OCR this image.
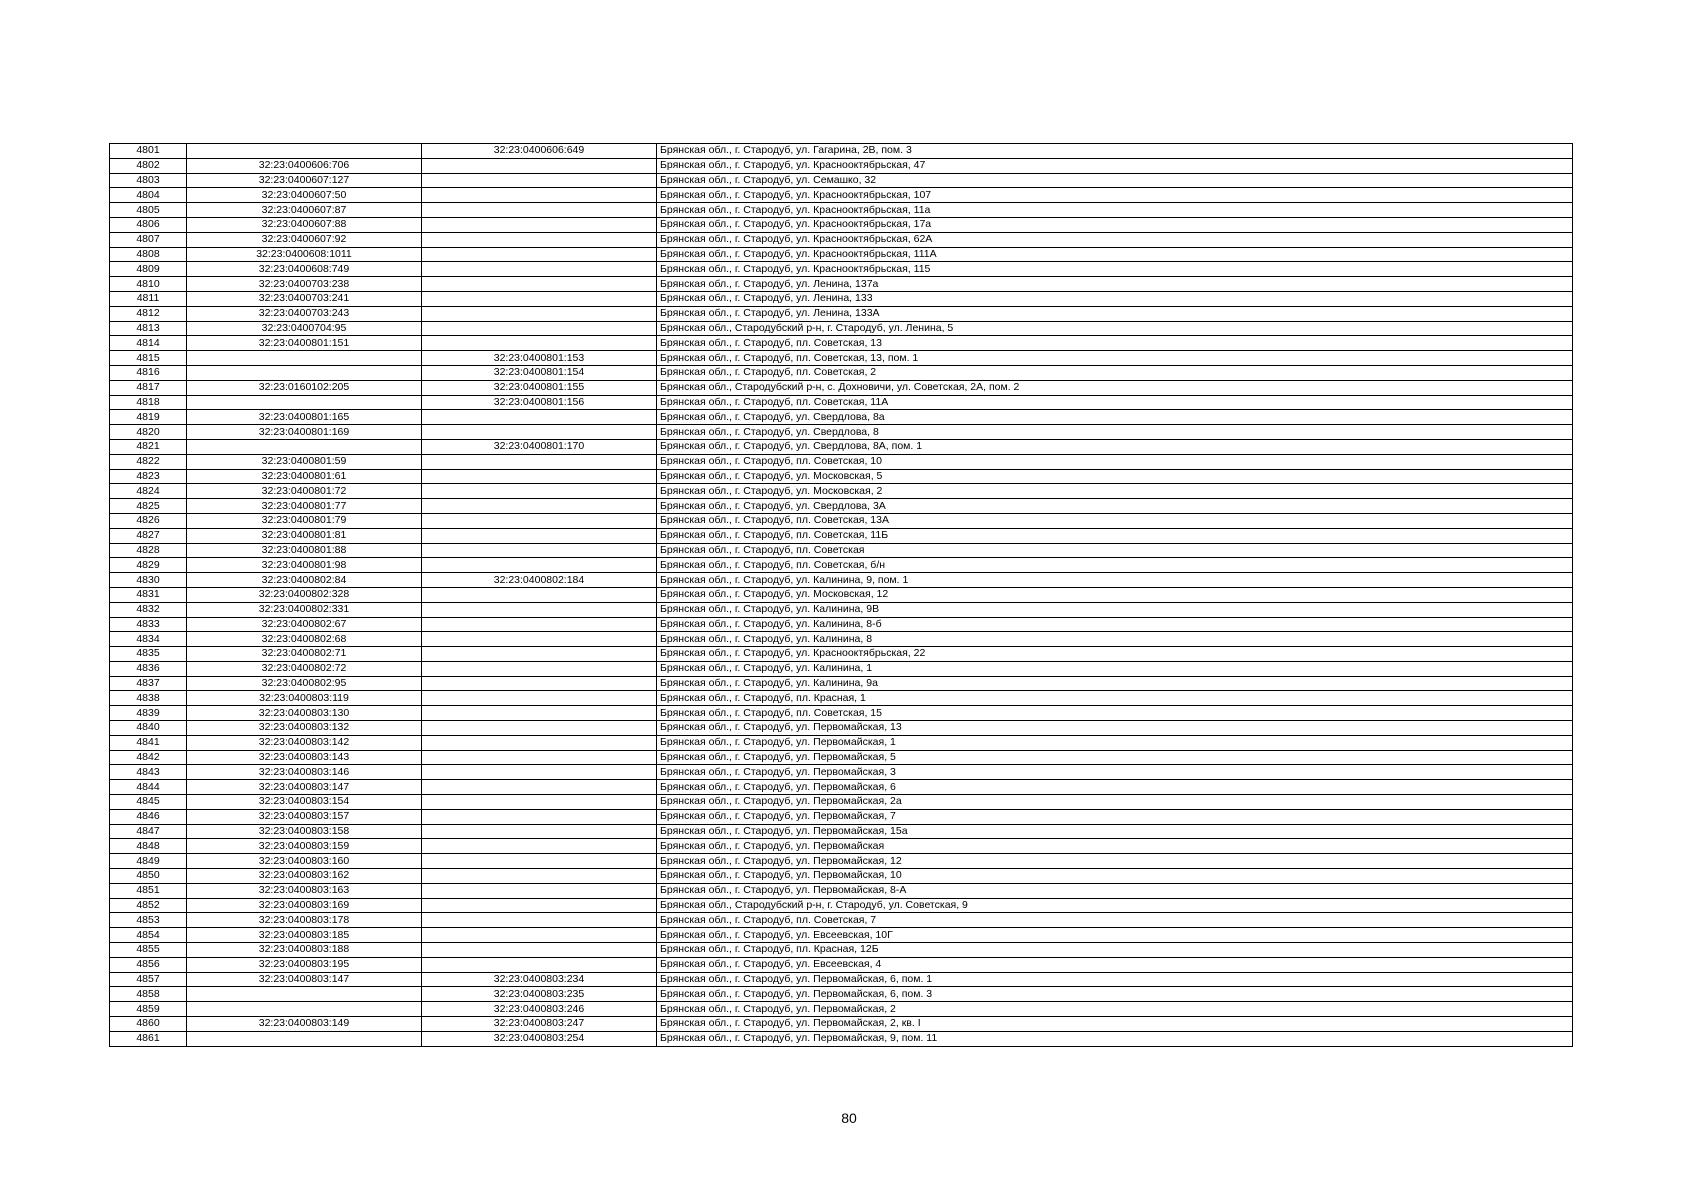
4801		32:23:0400606:649	Брянская обл., г. Стародуб, ул. Гагарина, 2В, пом. 3
4802	32:23:0400606:706		Брянская обл., г. Стародуб, ул. Краснооктябрьская, 47
4803	32:23:0400607:127		Брянская обл., г. Стародуб, ул. Семашко, 32
4804	32:23:0400607:50		Брянская обл., г. Стародуб, ул. Краснооктябрьская, 107
4805	32:23:0400607:87		Брянская обл., г. Стародуб, ул. Краснооктябрьская, 11а
4806	32:23:0400607:88		Брянская обл., г. Стародуб, ул. Краснооктябрьская, 17а
4807	32:23:0400607:92		Брянская обл., г. Стародуб, ул. Краснооктябрьская, 62А
4808	32:23:0400608:1011		Брянская обл., г. Стародуб, ул. Краснооктябрьская, 111А
4809	32:23:0400608:749		Брянская обл., г. Стародуб, ул. Краснооктябрьская, 115
4810	32:23:0400703:238		Брянская обл., г. Стародуб, ул. Ленина, 137а
4811	32:23:0400703:241		Брянская обл., г. Стародуб, ул. Ленина, 133
4812	32:23:0400703:243		Брянская обл., г. Стародуб, ул. Ленина, 133А
4813	32:23:0400704:95		Брянская обл., Стародубский р-н, г. Стародуб, ул. Ленина, 5
4814	32:23:0400801:151		Брянская обл., г. Стародуб, пл. Советская, 13
4815		32:23:0400801:153	Брянская обл., г. Стародуб, пл. Советская, 13, пом. 1
4816		32:23:0400801:154	Брянская обл., г. Стародуб, пл. Советская, 2
4817	32:23:0160102:205	32:23:0400801:155	Брянская обл., Стародубский р-н, с. Дохновичи, ул. Советская, 2А, пом. 2
4818		32:23:0400801:156	Брянская обл., г. Стародуб, пл. Советская, 11А
4819	32:23:0400801:165		Брянская обл., г. Стародуб, ул. Свердлова, 8а
4820	32:23:0400801:169		Брянская обл., г. Стародуб, ул. Свердлова, 8
4821		32:23:0400801:170	Брянская обл., г. Стародуб, ул. Свердлова, 8А, пом. 1
4822	32:23:0400801:59		Брянская обл., г. Стародуб, пл. Советская, 10
4823	32:23:0400801:61		Брянская обл., г. Стародуб, ул. Московская, 5
4824	32:23:0400801:72		Брянская обл., г. Стародуб, ул. Московская, 2
4825	32:23:0400801:77		Брянская обл., г. Стародуб, ул. Свердлова, 3А
4826	32:23:0400801:79		Брянская обл., г. Стародуб, пл. Советская, 13А
4827	32:23:0400801:81		Брянская обл., г. Стародуб, пл. Советская, 11Б
4828	32:23:0400801:88		Брянская обл., г. Стародуб, пл. Советская
4829	32:23:0400801:98		Брянская обл., г. Стародуб, пл. Советская, б/н
4830	32:23:0400802:84	32:23:0400802:184	Брянская обл., г. Стародуб, ул. Калинина, 9, пом. 1
4831	32:23:0400802:328		Брянская обл., г. Стародуб, ул. Московская, 12
4832	32:23:0400802:331		Брянская обл., г. Стародуб, ул. Калинина, 9В
4833	32:23:0400802:67		Брянская обл., г. Стародуб, ул. Калинина, 8-б
4834	32:23:0400802:68		Брянская обл., г. Стародуб, ул. Калинина, 8
4835	32:23:0400802:71		Брянская обл., г. Стародуб, ул. Краснооктябрьская, 22
4836	32:23:0400802:72		Брянская обл., г. Стародуб, ул. Калинина, 1
4837	32:23:0400802:95		Брянская обл., г. Стародуб, ул. Калинина, 9а
4838	32:23:0400803:119		Брянская обл., г. Стародуб, пл. Красная, 1
4839	32:23:0400803:130		Брянская обл., г. Стародуб, пл. Советская, 15
4840	32:23:0400803:132		Брянская обл., г. Стародуб, ул. Первомайская, 13
4841	32:23:0400803:142		Брянская обл., г. Стародуб, ул. Первомайская, 1
4842	32:23:0400803:143		Брянская обл., г. Стародуб, ул. Первомайская, 5
4843	32:23:0400803:146		Брянская обл., г. Стародуб, ул. Первомайская, 3
4844	32:23:0400803:147		Брянская обл., г. Стародуб, ул. Первомайская, 6
4845	32:23:0400803:154		Брянская обл., г. Стародуб, ул. Первомайская, 2а
4846	32:23:0400803:157		Брянская обл., г. Стародуб, ул. Первомайская, 7
4847	32:23:0400803:158		Брянская обл., г. Стародуб, ул. Первомайская, 15а
4848	32:23:0400803:159		Брянская обл., г. Стародуб, ул. Первомайская
4849	32:23:0400803:160		Брянская обл., г. Стародуб, ул. Первомайская, 12
4850	32:23:0400803:162		Брянская обл., г. Стародуб, ул. Первомайская, 10
4851	32:23:0400803:163		Брянская обл., г. Стародуб, ул. Первомайская, 8-А
4852	32:23:0400803:169		Брянская обл., Стародубский р-н, г. Стародуб, ул. Советская, 9
4853	32:23:0400803:178		Брянская обл., г. Стародуб, пл. Советская, 7
4854	32:23:0400803:185		Брянская обл., г. Стародуб, ул. Евсеевская, 10Г
4855	32:23:0400803:188		Брянская обл., г. Стародуб, пл. Красная, 12Б
4856	32:23:0400803:195		Брянская обл., г. Стародуб, ул. Евсеевская, 4
4857	32:23:0400803:147	32:23:0400803:234	Брянская обл., г. Стародуб, ул. Первомайская, 6, пом. 1
4858		32:23:0400803:235	Брянская обл., г. Стародуб, ул. Первомайская, 6, пом. 3
4859		32:23:0400803:246	Брянская обл., г. Стародуб, ул. Первомайская, 2
4860	32:23:0400803:149	32:23:0400803:247	Брянская обл., г. Стародуб, ул. Первомайская, 2, кв. I
4861		32:23:0400803:254	Брянская обл., г. Стародуб, ул. Первомайская, 9, пом. 11
80
